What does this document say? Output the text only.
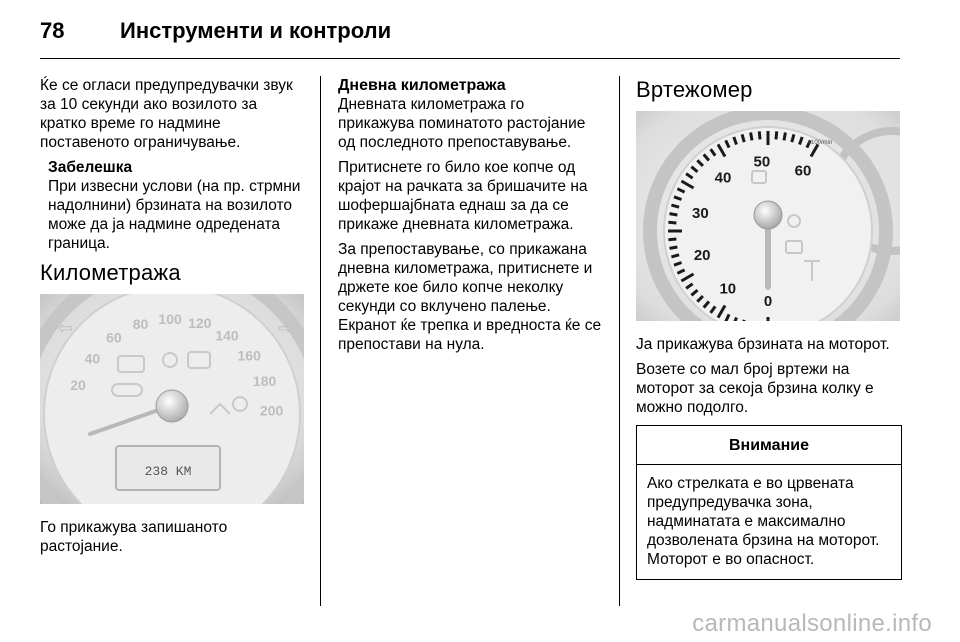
78	Инструменти и контроли

Ќе се огласи предупредувачки звук за 10 секунди ако возилото за кратко време го надмине поставеното ограничување.

Забелешка
При извесни услови (на пр. стрмни надолнини) брзината на возилото може да ја надмине одредената граница.
Километража
20
40
60
80 100 120
140
160
180
200
238 KM
⇦	⇨

Го прикажува запишаното растојание.

Дневна километража

Дневната километража го прикажува поминатото растојание од последното препоставување.

Притиснете го било кое копче од крајот на рачката за бришачите на шофершајбната еднаш за да се прикаже дневната километража.

За препоставување, со прикажана дневна километража, притиснете и држете кое било копче неколку секунди со вклучено палење. Екранот ќе трепка и вредноста ќе се препостави на нула.

Вртежомер
0
10
20
30
40
50
60
x100/min

Ја прикажува брзината на моторот.

Возете со мал број вртежи на моторот за секоја брзина колку е можно подолго.

Внимание
Ако стрелката е во црвената предупредувачка зона, надминатата е максимално дозволената брзина на моторот. Моторот е во опасност.
carmanualsonline.info
